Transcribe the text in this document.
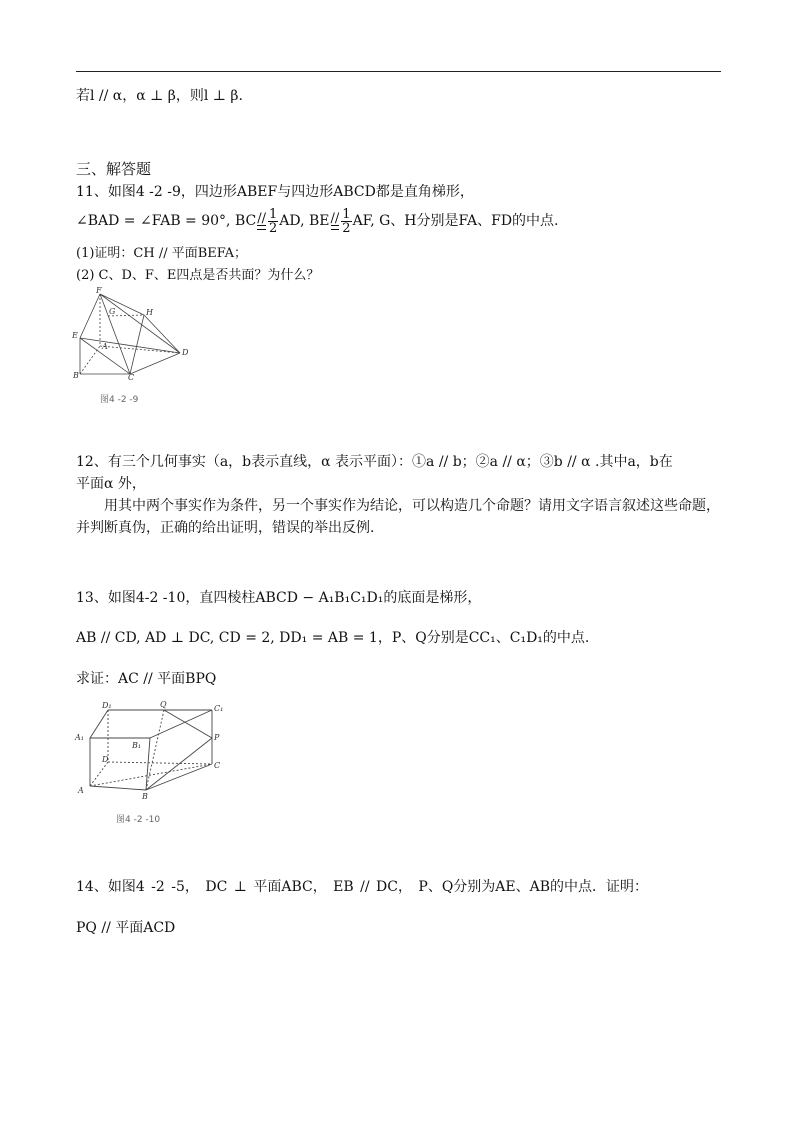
若l // α，α ⊥ β，则l ⊥ β.
三、解答题
11、如图4 -2 -9，四边形ABEF与四边形ABCD都是直角梯形，
∠BAD = ∠FAB = 90°, BC // $\frac{1}{2}$ AD, BE // $\frac{1}{2}$ AF, G、H分别是FA、FD的中点.
(1)证明：CH // 平面BEFA；
(2) C、D、F、E四点是否共面？为什么？
F
G	H
E
A
D
B	C
图4 -2 -9
12、有三个几何事实（a，b表示直线，α 表示平面）：①a // b；②a // α；③b // α .其中a，b在
平面α 外，
用其中两个事实作为条件，另一个事实作为结论，可以构造几个命题？请用文字语言叙述这些命题，
并判断真伪，正确的给出证明，错误的举出反例.
13、如图4-2 -10，直四棱柱ABCD − A₁B₁C₁D₁的底面是梯形，
AB // CD, AD ⊥ DC, CD = 2, DD₁ = AB = 1，P、Q分别是CC₁、C₁D₁的中点.
求证：AC // 平面BPQ
D₁	Q	C₁
A₁
B₁
P
D
C
A
B
图4 -2 -10
14、如图4 -2 -5， DC ⊥ 平面ABC， EB // DC， P、Q分别为AE、AB的中点．证明：
PQ // 平面ACD
